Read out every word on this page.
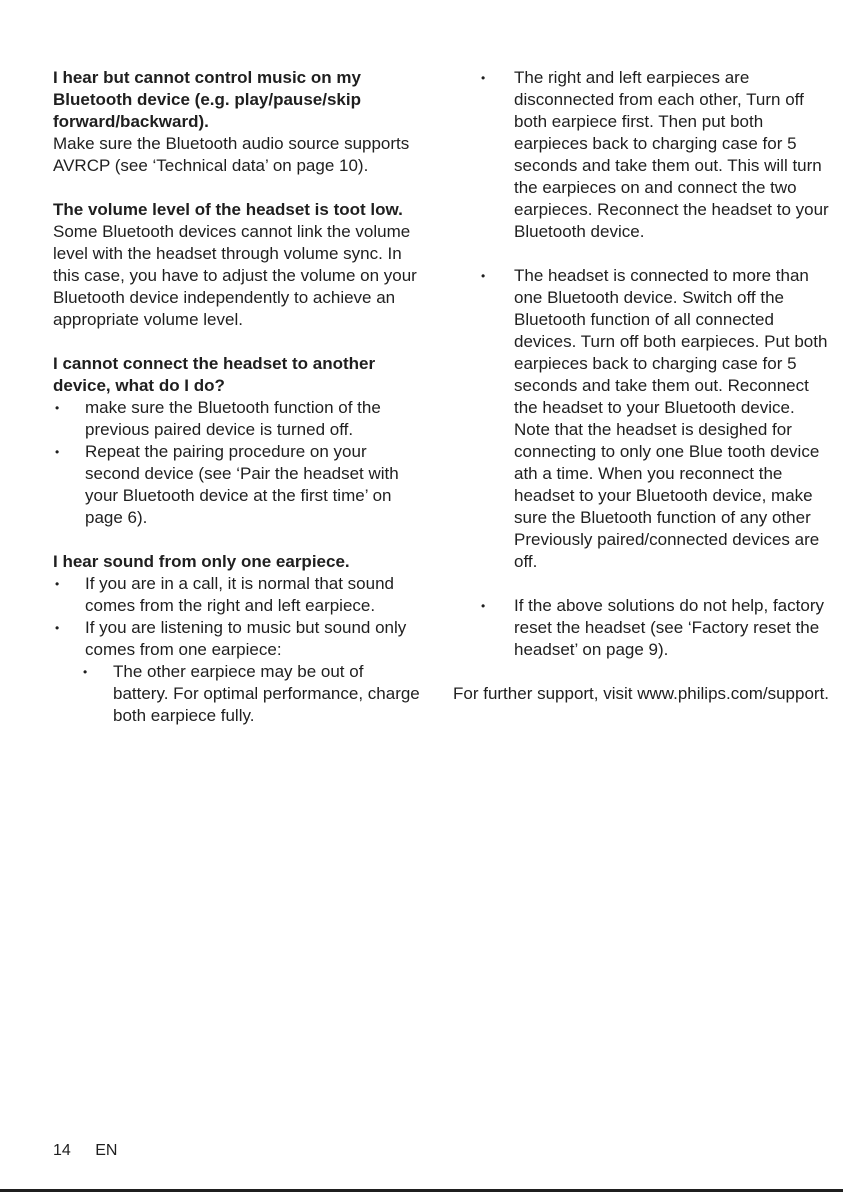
I hear but cannot control music on my Bluetooth device (e.g. play/pause/skip forward/backward).

Make sure the Bluetooth audio source supports AVRCP (see ‘Technical data’ on page 10).

The volume level of the headset is toot low.

Some Bluetooth devices cannot link the volume level with the headset through volume sync. In this case, you have to adjust the volume on your Bluetooth device independently to achieve an appropriate volume level.

I cannot connect the headset to another device, what do I do?

• make sure the Bluetooth function of the previous paired device is turned off.
• Repeat the pairing procedure on your second device (see ‘Pair the headset with your Bluetooth device at the first time’ on page 6).

I hear sound from only one earpiece.

• If you are in a call, it is normal that sound comes from the right and left earpiece.
• If you are listening to music but sound only comes from one earpiece:
• The other earpiece may be out of battery. For optimal performance, charge both earpiece fully.
• The right and left earpieces are disconnected from each other, Turn off both earpiece first. Then put both earpieces back to charging case for 5 seconds and take them out. This will turn the earpieces on and connect the two earpieces. Reconnect the headset to your Bluetooth device.
• The headset is connected to more than one Bluetooth device. Switch off the Bluetooth function of all connected devices. Turn off both earpieces. Put both earpieces back to charging case for 5 seconds and take them out. Reconnect the headset to your Bluetooth device. Note that the headset is desighed for connecting to only one Blue tooth device ath a time. When you reconnect the headset to your Bluetooth device, make sure the Bluetooth function of any other Previously paired/connected devices are off.
• If the above solutions do not help, factory reset the headset (see ‘Factory reset the headset’ on page 9).

For further support, visit www.philips.com/support.

14 EN
